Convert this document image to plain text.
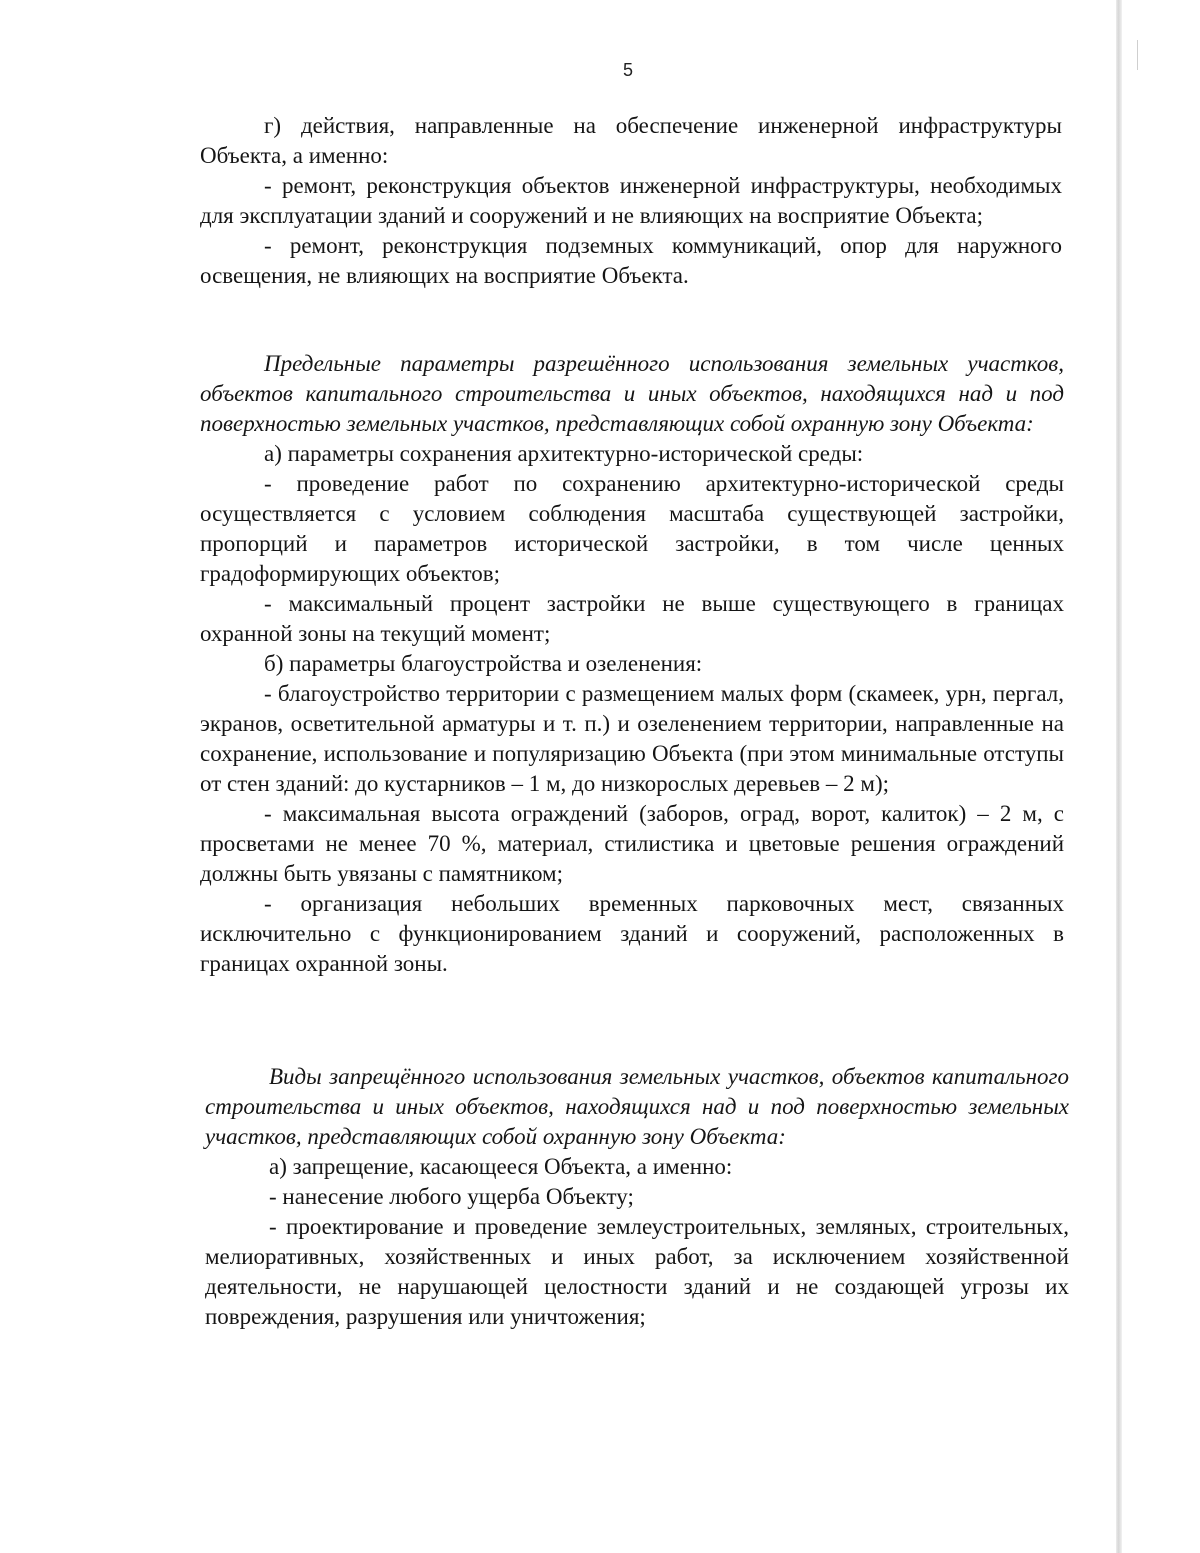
5

г) действия, направленные на обеспечение инженерной инфраструктуры Объекта, а именно:

- ремонт, реконструкция объектов инженерной инфраструктуры, необходимых для эксплуатации зданий и сооружений и не влияющих на восприятие Объекта;

- ремонт, реконструкция подземных коммуникаций, опор для наружного освещения, не влияющих на восприятие Объекта.

Предельные параметры разрешённого использования земельных участков, объектов капитального строительства и иных объектов, находящихся над и под поверхностью земельных участков, представляющих собой охранную зону Объекта:

а) параметры сохранения архитектурно-исторической среды:

- проведение работ по сохранению архитектурно-исторической среды осуществляется с условием соблюдения масштаба существующей застройки, пропорций и параметров исторической застройки, в том числе ценных градоформирующих объектов;

- максимальный процент застройки не выше существующего в границах охранной зоны на текущий момент;

б) параметры благоустройства и озеленения:

- благоустройство территории с размещением малых форм (скамеек, урн, пергал, экранов, осветительной арматуры и т. п.) и озеленением территории, направленные на сохранение, использование и популяризацию Объекта (при этом минимальные отступы от стен зданий: до кустарников – 1 м, до низкорослых деревьев – 2 м);

- максимальная высота ограждений (заборов, оград, ворот, калиток) – 2 м, с просветами не менее 70 %, материал, стилистика и цветовые решения ограждений должны быть увязаны с памятником;

- организация небольших временных парковочных мест, связанных исключительно с функционированием зданий и сооружений, расположенных в границах охранной зоны.

Виды запрещённого использования земельных участков, объектов капитального строительства и иных объектов, находящихся над и под поверхностью земельных участков, представляющих собой охранную зону Объекта:

а) запрещение, касающееся Объекта, а именно:

- нанесение любого ущерба Объекту;

- проектирование и проведение землеустроительных, земляных, строительных, мелиоративных, хозяйственных и иных работ, за исключением хозяйственной деятельности, не нарушающей целостности зданий и не создающей угрозы их повреждения, разрушения или уничтожения;
